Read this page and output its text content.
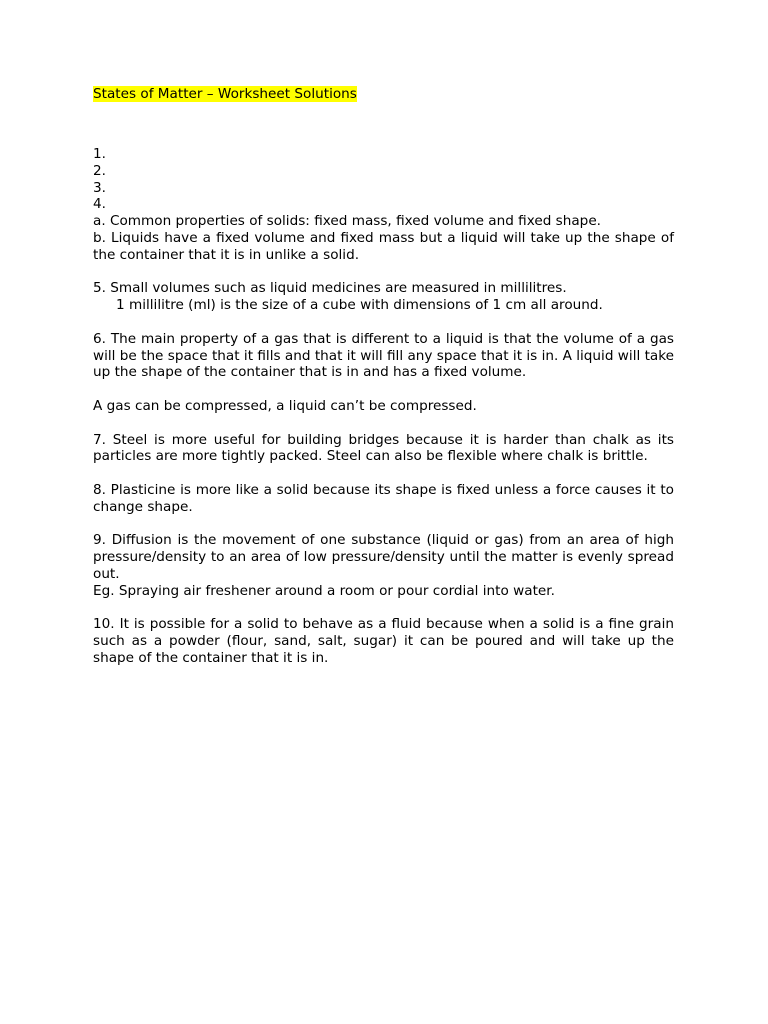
States of Matter – Worksheet Solutions

1.

2.

3.

4.

a. Common properties of solids: fixed mass, fixed volume and fixed shape.

b. Liquids have a fixed volume and fixed mass but a liquid will take up the shape of the container that it is in unlike a solid.

5. Small volumes such as liquid medicines are measured in millilitres.

1 millilitre (ml) is the size of a cube with dimensions of 1 cm all around.

6. The main property of a gas that is different to a liquid is that the volume of a gas will be the space that it fills and that it will fill any space that it is in. A liquid will take up the shape of the container that is in and has a fixed volume.

A gas can be compressed, a liquid can’t be compressed.

7. Steel is more useful for building bridges because it is harder than chalk as its particles are more tightly packed. Steel can also be flexible where chalk is brittle.

8. Plasticine is more like a solid because its shape is fixed unless a force causes it to change shape.

9. Diffusion is the movement of one substance (liquid or gas) from an area of high pressure/density to an area of low pressure/density until the matter is evenly spread out.

Eg. Spraying air freshener around a room or pour cordial into water.

10. It is possible for a solid to behave as a fluid because when a solid is a fine grain such as a powder (flour, sand, salt, sugar) it can be poured and will take up the shape of the container that it is in.
